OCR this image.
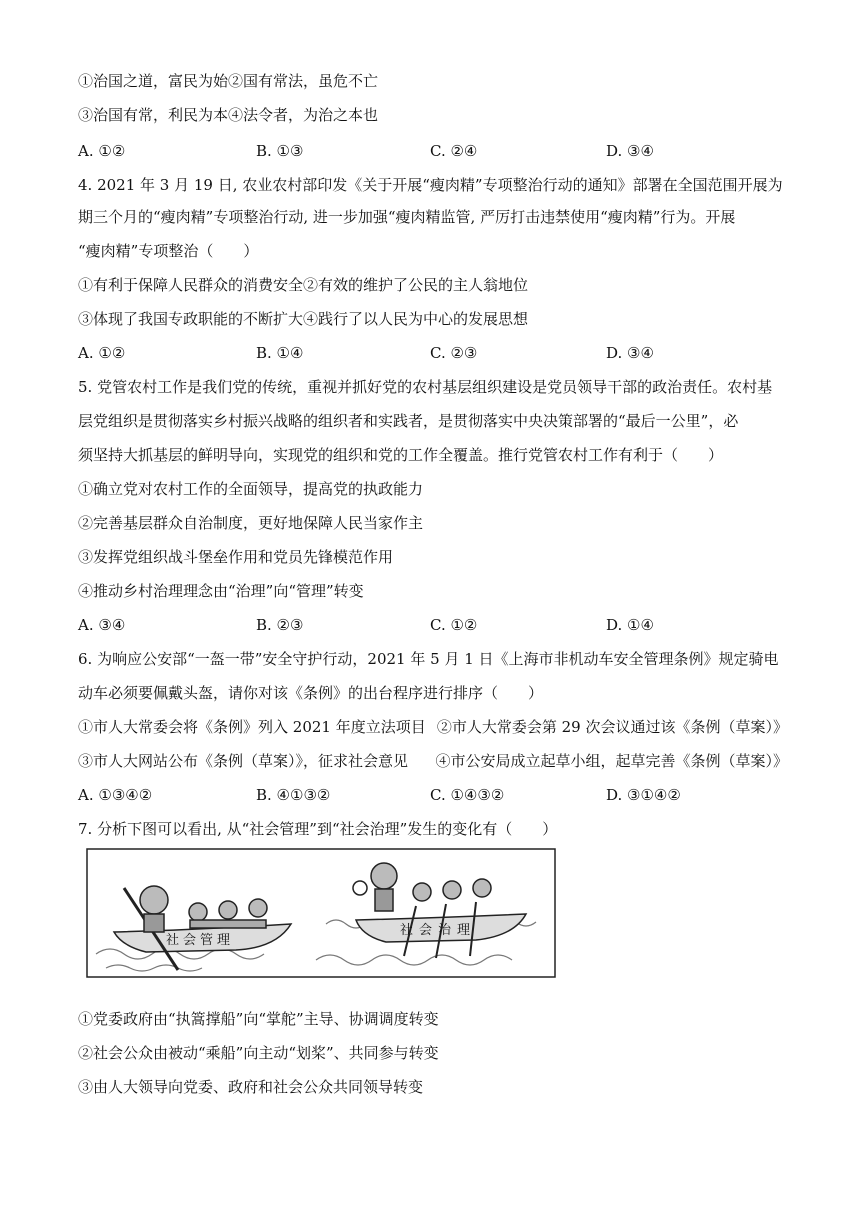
①治国之道，富民为始②国有常法，虽危不亡
③治国有常，利民为本④法令者，为治之本也
A. ①②	B. ①③	C. ②④	D. ③④
4. 2021 年 3 月 19 日, 农业农村部印发《关于开展“瘦肉精”专项整治行动的通知》部署在全国范围开展为
期三个月的“瘦肉精”专项整治行动, 进一步加强“瘦肉精监管, 严厉打击违禁使用“瘦肉精”行为。开展
“瘦肉精”专项整治（　　）
①有利于保障人民群众的消费安全②有效的维护了公民的主人翁地位
③体现了我国专政职能的不断扩大④践行了以人民为中心的发展思想
A. ①②	B. ①④	C. ②③	D. ③④
5. 党管农村工作是我们党的传统，重视并抓好党的农村基层组织建设是党员领导干部的政治责任。农村基
层党组织是贯彻落实乡村振兴战略的组织者和实践者，是贯彻落实中央决策部署的“最后一公里”，必
须坚持大抓基层的鲜明导向，实现党的组织和党的工作全覆盖。推行党管农村工作有利于（　　）
①确立党对农村工作的全面领导，提高党的执政能力
②完善基层群众自治制度，更好地保障人民当家作主
③发挥党组织战斗堡垒作用和党员先锋模范作用
④推动乡村治理理念由“治理”向“管理”转变
A. ③④	B. ②③	C. ①②	D. ①④
6. 为响应公安部“一盔一带”安全守护行动，2021 年 5 月 1 日《上海市非机动车安全管理条例》规定骑电
动车必须要佩戴头盔，请你对该《条例》的出台程序进行排序（　　）
①市人大常委会将《条例》列入 2021 年度立法项目 ②市人大常委会第 29 次会议通过该《条例（草案）》
③市人大网站公布《条例（草案）》，征求社会意见 ④市公安局成立起草小组，起草完善《条例（草案）》
A. ①③④②	B. ④①③②	C. ①④③②	D. ③①④②
7. 分析下图可以看出, 从“社会管理”到“社会治理”发生的变化有（　　）
社会管理
社会治理
①党委政府由“执篙撑船”向“掌舵”主导、协调调度转变
②社会公众由被动“乘船”向主动“划桨”、共同参与转变
③由人大领导向党委、政府和社会公众共同领导转变
